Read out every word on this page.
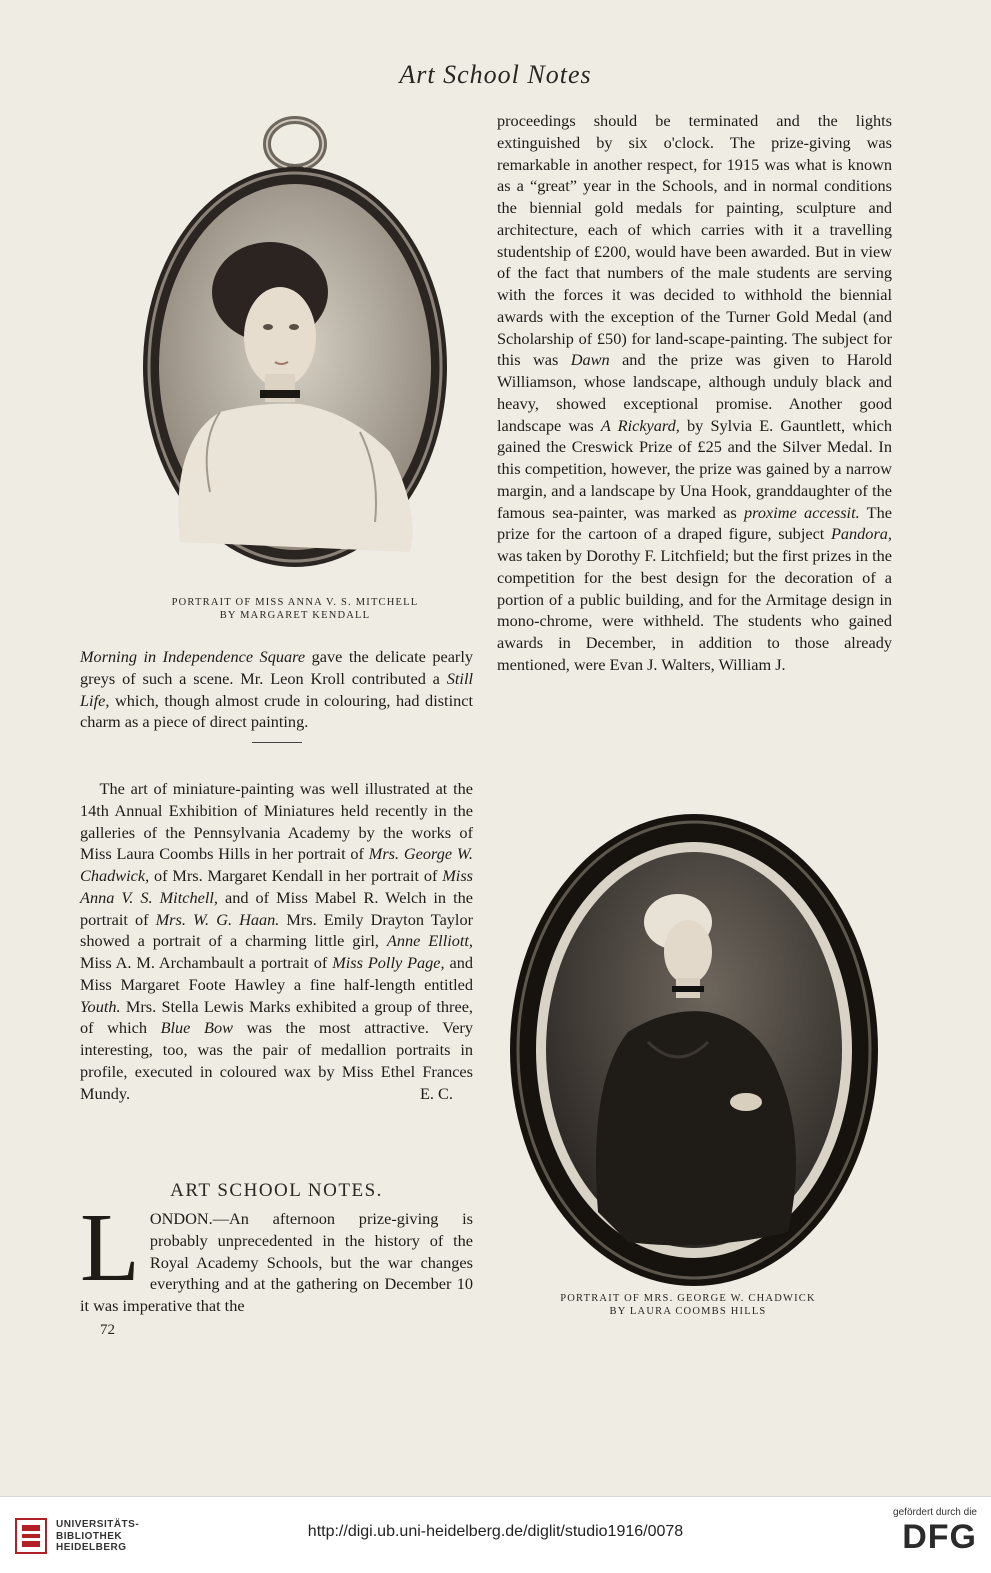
Art School Notes
PORTRAIT OF MISS ANNA V. S. MITCHELL
BY MARGARET KENDALL

proceedings should be terminated and the lights extinguished by six o'clock. The prize-giving was remarkable in another respect, for 1915 was what is known as a “great” year in the Schools, and in normal conditions the biennial gold medals for painting, sculpture and architecture, each of which carries with it a travelling studentship of £200, would have been awarded. But in view of the fact that numbers of the male students are serving with the forces it was decided to withhold the biennial awards with the exception of the Turner Gold Medal (and Scholarship of £50) for land-scape-painting. The subject for this was Dawn and the prize was given to Harold Williamson, whose landscape, although unduly black and heavy, showed exceptional promise. Another good landscape was A Rickyard, by Sylvia E. Gauntlett, which gained the Creswick Prize of £25 and the Silver Medal. In this competition, however, the prize was gained by a narrow margin, and a landscape by Una Hook, granddaughter of the famous sea-painter, was marked as proxime accessit. The prize for the cartoon of a draped figure, subject Pandora, was taken by Dorothy F. Litchfield; but the first prizes in the competition for the best design for the decoration of a portion of a public building, and for the Armitage design in mono-chrome, were withheld. The students who gained awards in December, in addition to those already mentioned, were Evan J. Walters, William J.

Morning in Independence Square gave the delicate pearly greys of such a scene. Mr. Leon Kroll contributed a Still Life, which, though almost crude in colouring, had distinct charm as a piece of direct painting.

The art of miniature-painting was well illustrated at the 14th Annual Exhibition of Miniatures held recently in the galleries of the Pennsylvania Academy by the works of Miss Laura Coombs Hills in her portrait of Mrs. George W. Chadwick, of Mrs. Margaret Kendall in her portrait of Miss Anna V. S. Mitchell, and of Miss Mabel R. Welch in the portrait of Mrs. W. G. Haan. Mrs. Emily Drayton Taylor showed a portrait of a charming little girl, Anne Elliott, Miss A. M. Archambault a portrait of Miss Polly Page, and Miss Margaret Foote Hawley a fine half-length entitled Youth. Mrs. Stella Lewis Marks exhibited a group of three, of which Blue Bow was the most attractive. Very interesting, too, was the pair of medallion portraits in profile, executed in coloured wax by Miss Ethel Frances Mundy.	E. C.

ART SCHOOL NOTES.
LONDON.—An afternoon prize-giving is probably unprecedented in the history of the Royal Academy Schools, but the war changes everything and at the gathering on December 10 it was imperative that the
72
PORTRAIT OF MRS. GEORGE W. CHADWICK
BY LAURA COOMBS HILLS
UNIVERSITÄTS-
BIBLIOTHEK
HEIDELBERG
http://digi.ub.uni-heidelberg.de/diglit/studio1916/0078
gefördert durch die
DFG
